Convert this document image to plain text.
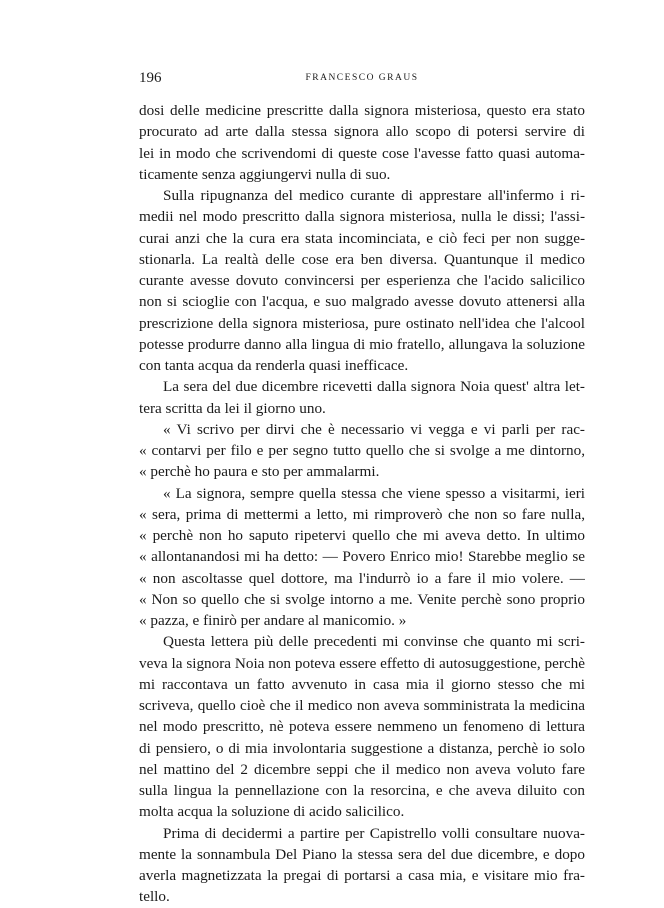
196	FRANCESCO GRAUS
dosi delle medicine prescritte dalla signora misteriosa, questo era stato
procurato ad arte dalla stessa signora allo scopo di potersi servire di
lei in modo che scrivendomi di queste cose l'avesse fatto quasi automa-
ticamente senza aggiungervi nulla di suo.
Sulla ripugnanza del medico curante di apprestare all'infermo i ri-
medii nel modo prescritto dalla signora misteriosa, nulla le dissi; l'assi-
curai anzi che la cura era stata incominciata, e ciò feci per non sugge-
stionarla. La realtà delle cose era ben diversa. Quantunque il medico
curante avesse dovuto convincersi per esperienza che l'acido salicilico
non si scioglie con l'acqua, e suo malgrado avesse dovuto attenersi alla
prescrizione della signora misteriosa, pure ostinato nell'idea che l'alcool
potesse produrre danno alla lingua di mio fratello, allungava la soluzione
con tanta acqua da renderla quasi inefficace.
La sera del due dicembre ricevetti dalla signora Noia quest' altra let-
tera scritta da lei il giorno uno.
« Vi scrivo per dirvi che è necessario vi vegga e vi parli per rac-
« contarvi per filo e per segno tutto quello che si svolge a me dintorno,
« perchè ho paura e sto per ammalarmi.
« La signora, sempre quella stessa che viene spesso a visitarmi, ieri
« sera, prima di mettermi a letto, mi rimproverò che non so fare nulla,
« perchè non ho saputo ripetervi quello che mi aveva detto. In ultimo
« allontanandosi mi ha detto: — Povero Enrico mio! Starebbe meglio se
« non ascoltasse quel dottore, ma l'indurrò io a fare il mio volere. —
« Non so quello che si svolge intorno a me. Venite perchè sono proprio
« pazza, e finirò per andare al manicomio. »
Questa lettera più delle precedenti mi convinse che quanto mi scri-
veva la signora Noia non poteva essere effetto di autosuggestione, perchè
mi raccontava un fatto avvenuto in casa mia il giorno stesso che mi
scriveva, quello cioè che il medico non aveva somministrata la medicina
nel modo prescritto, nè poteva essere nemmeno un fenomeno di lettura
di pensiero, o di mia involontaria suggestione a distanza, perchè io solo
nel mattino del 2 dicembre seppi che il medico non aveva voluto fare
sulla lingua la pennellazione con la resorcina, e che aveva diluito con
molta acqua la soluzione di acido salicilico.
Prima di decidermi a partire per Capistrello volli consultare nuova-
mente la sonnambula Del Piano la stessa sera del due dicembre, e dopo
averla magnetizzata la pregai di portarsi a casa mia, e visitare mio fra-
tello.
